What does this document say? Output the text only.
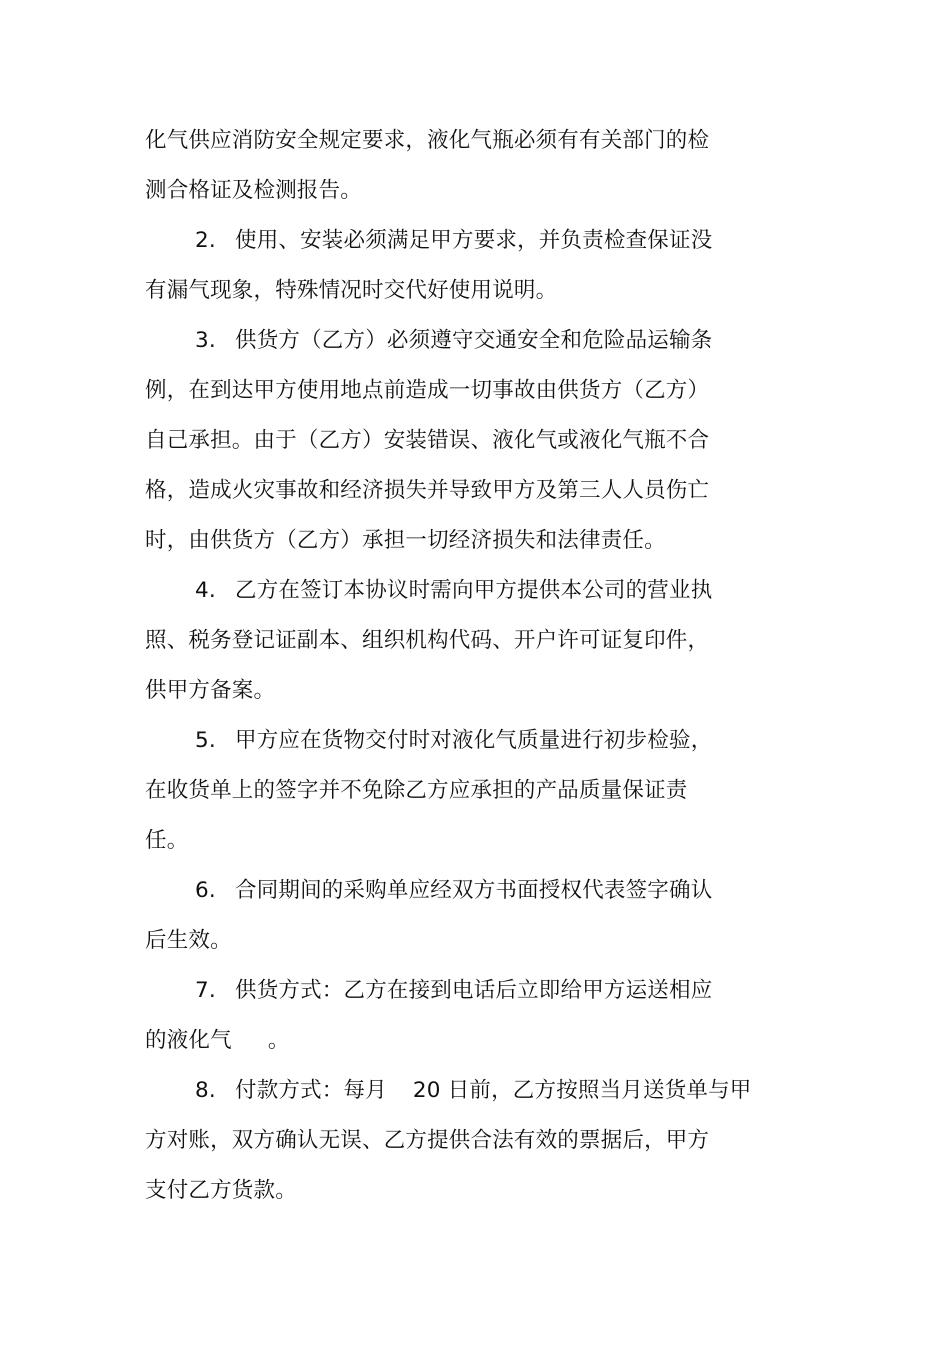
化气供应消防安全规定要求，液化气瓶必须有有关部门的检
测合格证及检测报告。
2. 使用、安装必须满足甲方要求，并负责检查保证没
有漏气现象，特殊情况时交代好使用说明。
3. 供货方（乙方）必须遵守交通安全和危险品运输条
例，在到达甲方使用地点前造成一切事故由供货方（乙方）
自己承担。由于（乙方）安装错误、液化气或液化气瓶不合
格，造成火灾事故和经济损失并导致甲方及第三人人员伤亡
时，由供货方（乙方）承担一切经济损失和法律责任。
4. 乙方在签订本协议时需向甲方提供本公司的营业执
照、税务登记证副本、组织机构代码、开户许可证复印件，
供甲方备案。
5. 甲方应在货物交付时对液化气质量进行初步检验，
在收货单上的签字并不免除乙方应承担的产品质量保证责
任。
6. 合同期间的采购单应经双方书面授权代表签字确认
后生效。
7. 供货方式：乙方在接到电话后立即给甲方运送相应
的液化气 。
8. 付款方式：每月 20 日前，乙方按照当月送货单与甲
方对账，双方确认无误、乙方提供合法有效的票据后，甲方
支付乙方货款。
